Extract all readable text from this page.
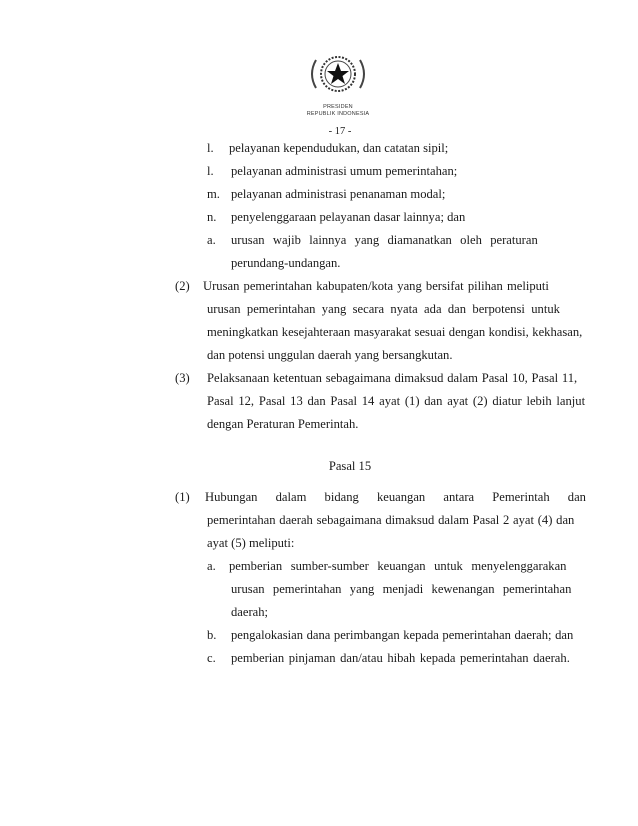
PRESIDEN
REPUBLIK INDONESIA
- 17 -
l. pelayanan kependudukan, dan catatan sipil;
l. pelayanan administrasi umum pemerintahan;
m. pelayanan administrasi penanaman modal;
n. penyelenggaraan pelayanan dasar lainnya; dan
a. urusan wajib lainnya yang diamanatkan oleh peraturan
perundang-undangan.
(2) Urusan pemerintahan kabupaten/kota yang bersifat pilihan meliputi
urusan pemerintahan yang secara nyata ada dan berpotensi untuk
meningkatkan kesejahteraan masyarakat sesuai dengan kondisi, kekhasan,
dan potensi unggulan daerah yang bersangkutan.
(3) Pelaksanaan ketentuan sebagaimana dimaksud dalam Pasal 10, Pasal 11,
Pasal 12, Pasal 13 dan Pasal 14 ayat (1) dan ayat (2) diatur lebih lanjut
dengan Peraturan Pemerintah.
Pasal 15
(1) Hubungan dalam bidang keuangan antara Pemerintah dan
pemerintahan daerah sebagaimana dimaksud dalam Pasal 2 ayat (4) dan
ayat (5) meliputi:
a. pemberian sumber-sumber keuangan untuk menyelenggarakan
urusan pemerintahan yang menjadi kewenangan pemerintahan
daerah;
b. pengalokasian dana perimbangan kepada pemerintahan daerah; dan
c. pemberian pinjaman dan/atau hibah kepada pemerintahan daerah.
